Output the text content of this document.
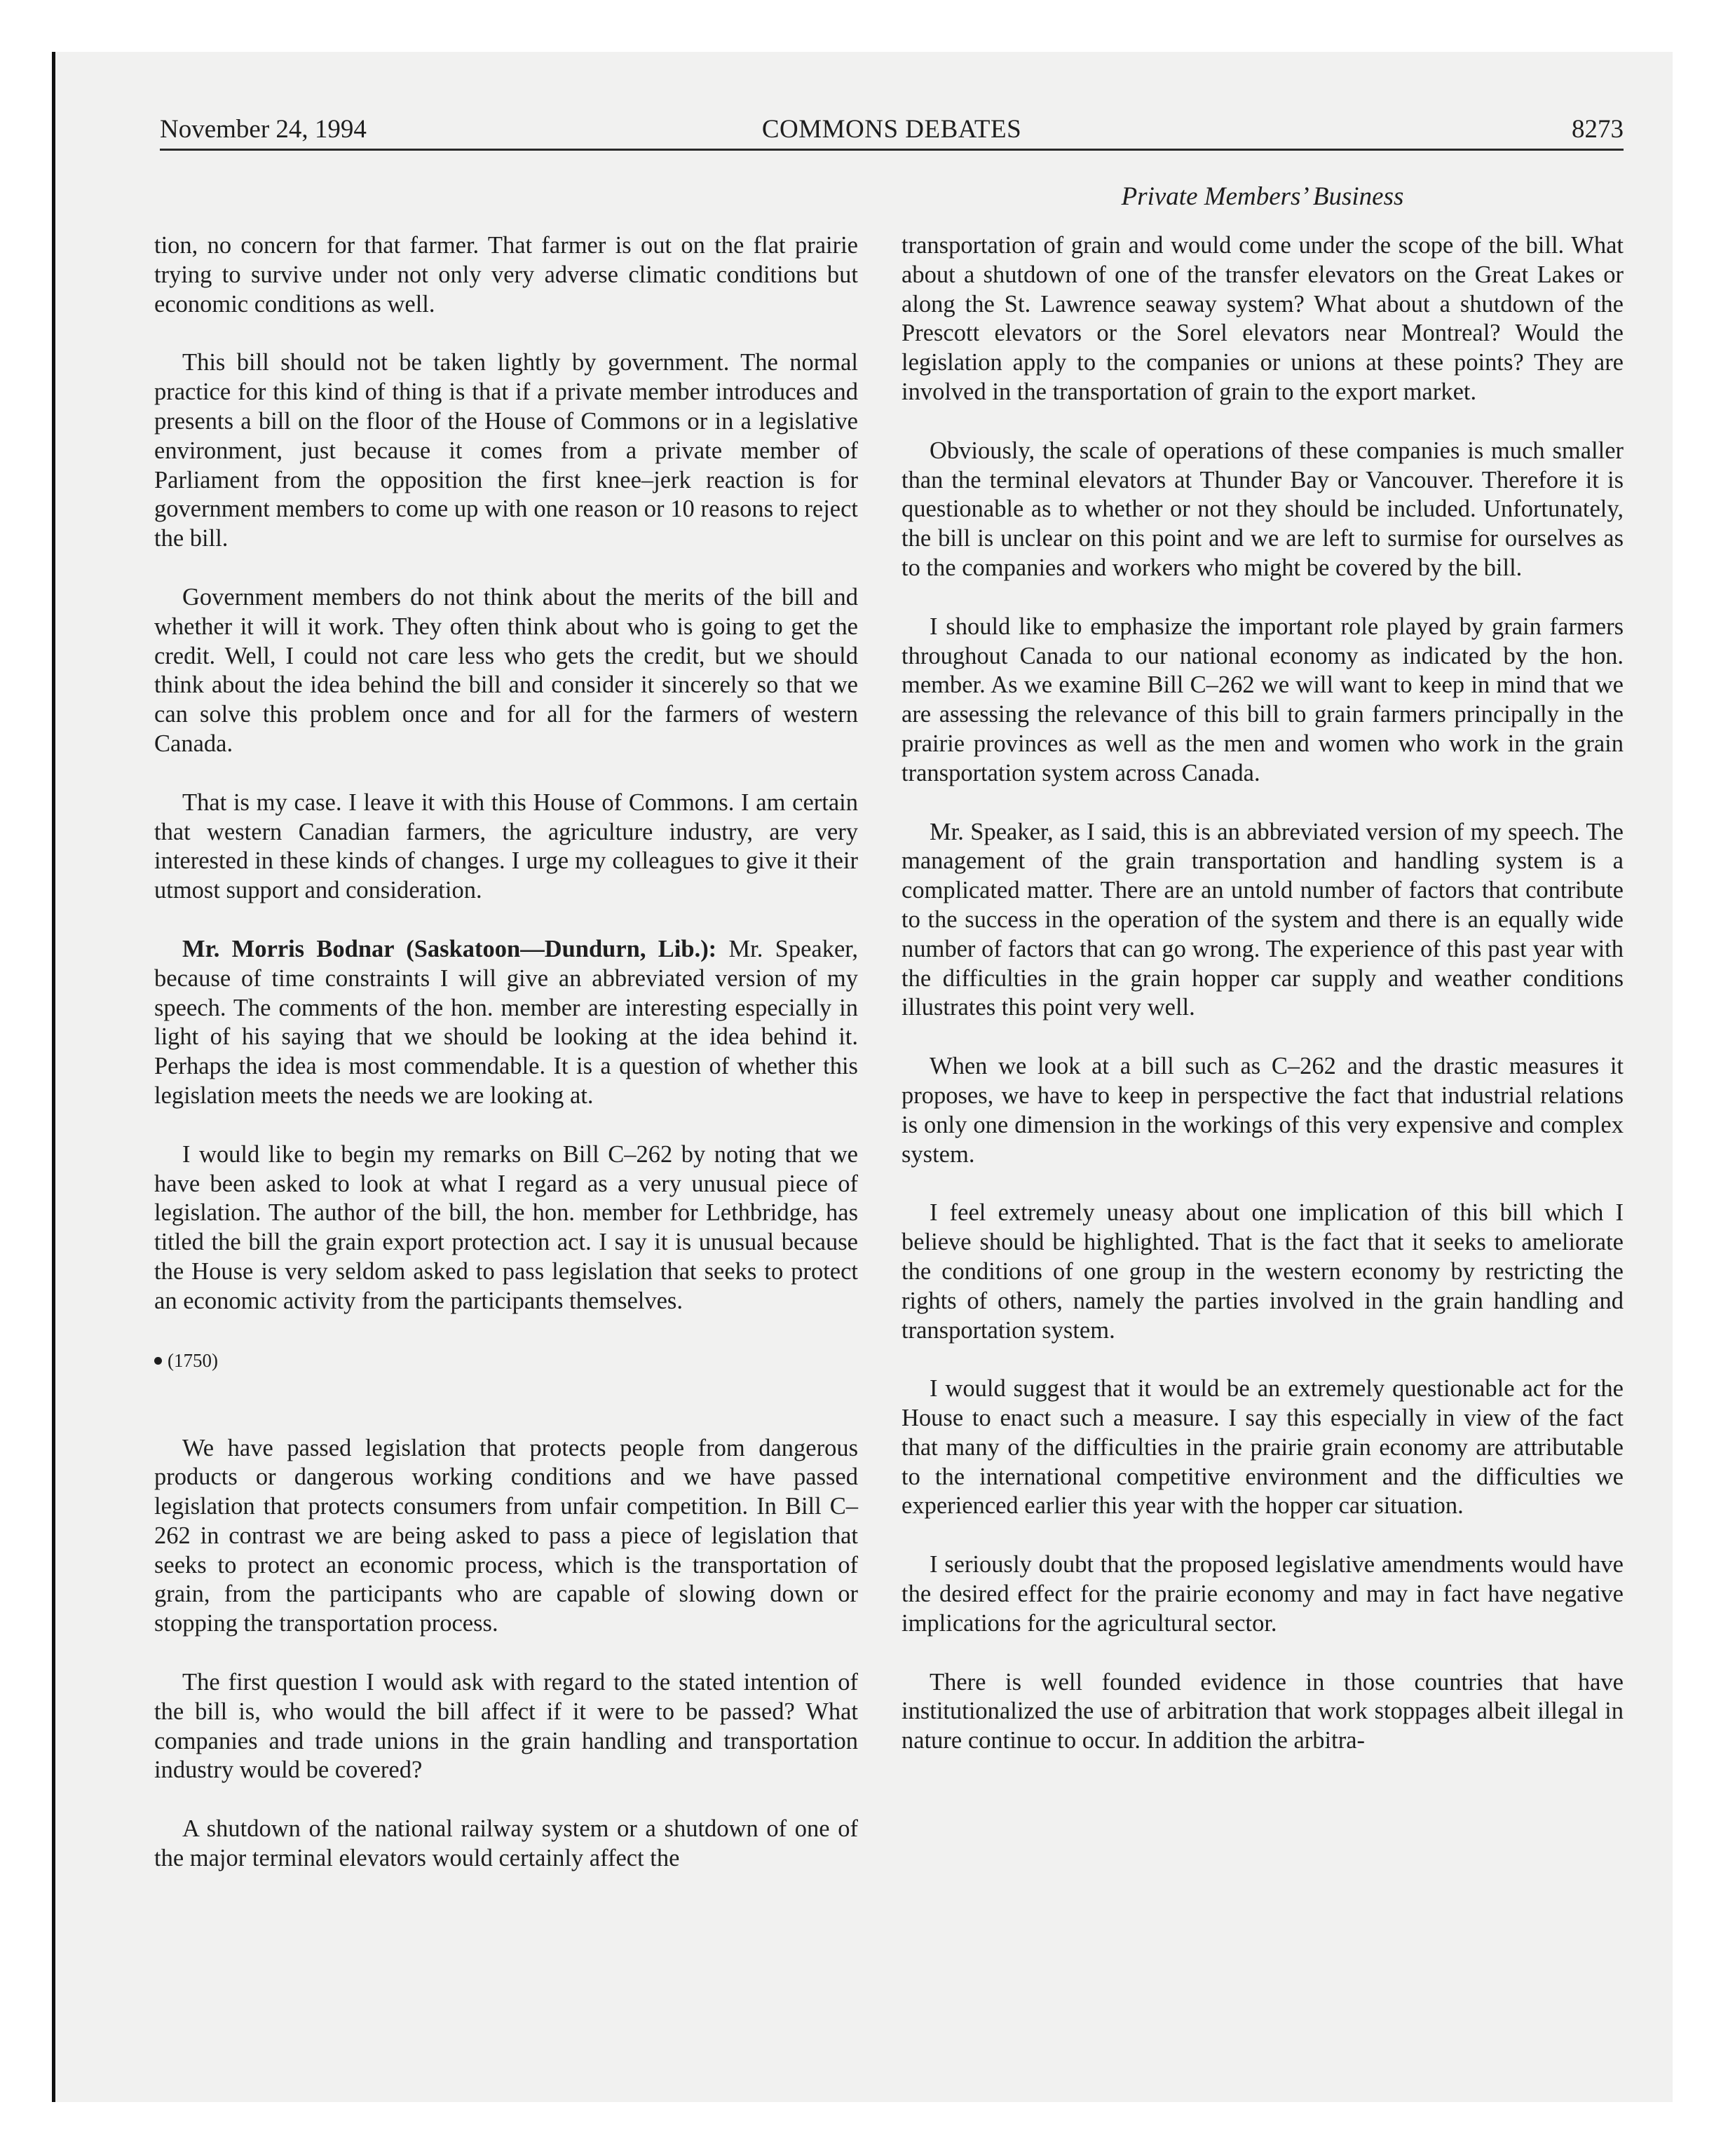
November 24, 1994	COMMONS DEBATES	8273
Private Members’ Business

tion, no concern for that farmer. That farmer is out on the flat prairie trying to survive under not only very adverse climatic conditions but economic conditions as well.

This bill should not be taken lightly by government. The normal practice for this kind of thing is that if a private member introduces and presents a bill on the floor of the House of Commons or in a legislative environment, just because it comes from a private member of Parliament from the opposition the first knee–jerk reaction is for government members to come up with one reason or 10 reasons to reject the bill.

Government members do not think about the merits of the bill and whether it will it work. They often think about who is going to get the credit. Well, I could not care less who gets the credit, but we should think about the idea behind the bill and consider it sincerely so that we can solve this problem once and for all for the farmers of western Canada.

That is my case. I leave it with this House of Commons. I am certain that western Canadian farmers, the agriculture industry, are very interested in these kinds of changes. I urge my colleagues to give it their utmost support and consideration.

Mr. Morris Bodnar (Saskatoon—Dundurn, Lib.): Mr. Speaker, because of time constraints I will give an abbreviated version of my speech. The comments of the hon. member are interesting especially in light of his saying that we should be looking at the idea behind it. Perhaps the idea is most commendable. It is a question of whether this legislation meets the needs we are looking at.

I would like to begin my remarks on Bill C–262 by noting that we have been asked to look at what I regard as a very unusual piece of legislation. The author of the bill, the hon. member for Lethbridge, has titled the bill the grain export protection act. I say it is unusual because the House is very seldom asked to pass legislation that seeks to protect an economic activity from the participants themselves.

(1750)

We have passed legislation that protects people from dangerous products or dangerous working conditions and we have passed legislation that protects consumers from unfair competition. In Bill C–262 in contrast we are being asked to pass a piece of legislation that seeks to protect an economic process, which is the transportation of grain, from the participants who are capable of slowing down or stopping the transportation process.

The first question I would ask with regard to the stated intention of the bill is, who would the bill affect if it were to be passed? What companies and trade unions in the grain handling and transportation industry would be covered?

A shutdown of the national railway system or a shutdown of one of the major terminal elevators would certainly affect the

transportation of grain and would come under the scope of the bill. What about a shutdown of one of the transfer elevators on the Great Lakes or along the St. Lawrence seaway system? What about a shutdown of the Prescott elevators or the Sorel elevators near Montreal? Would the legislation apply to the companies or unions at these points? They are involved in the transportation of grain to the export market.

Obviously, the scale of operations of these companies is much smaller than the terminal elevators at Thunder Bay or Vancouver. Therefore it is questionable as to whether or not they should be included. Unfortunately, the bill is unclear on this point and we are left to surmise for ourselves as to the companies and workers who might be covered by the bill.

I should like to emphasize the important role played by grain farmers throughout Canada to our national economy as indicated by the hon. member. As we examine Bill C–262 we will want to keep in mind that we are assessing the relevance of this bill to grain farmers principally in the prairie provinces as well as the men and women who work in the grain transportation system across Canada.

Mr. Speaker, as I said, this is an abbreviated version of my speech. The management of the grain transportation and handling system is a complicated matter. There are an untold number of factors that contribute to the success in the operation of the system and there is an equally wide number of factors that can go wrong. The experience of this past year with the difficulties in the grain hopper car supply and weather conditions illustrates this point very well.

When we look at a bill such as C–262 and the drastic measures it proposes, we have to keep in perspective the fact that industrial relations is only one dimension in the workings of this very expensive and complex system.

I feel extremely uneasy about one implication of this bill which I believe should be highlighted. That is the fact that it seeks to ameliorate the conditions of one group in the western economy by restricting the rights of others, namely the parties involved in the grain handling and transportation system.

I would suggest that it would be an extremely questionable act for the House to enact such a measure. I say this especially in view of the fact that many of the difficulties in the prairie grain economy are attributable to the international competitive environment and the difficulties we experienced earlier this year with the hopper car situation.

I seriously doubt that the proposed legislative amendments would have the desired effect for the prairie economy and may in fact have negative implications for the agricultural sector.

There is well founded evidence in those countries that have institutionalized the use of arbitration that work stoppages albeit illegal in nature continue to occur. In addition the arbitra-
